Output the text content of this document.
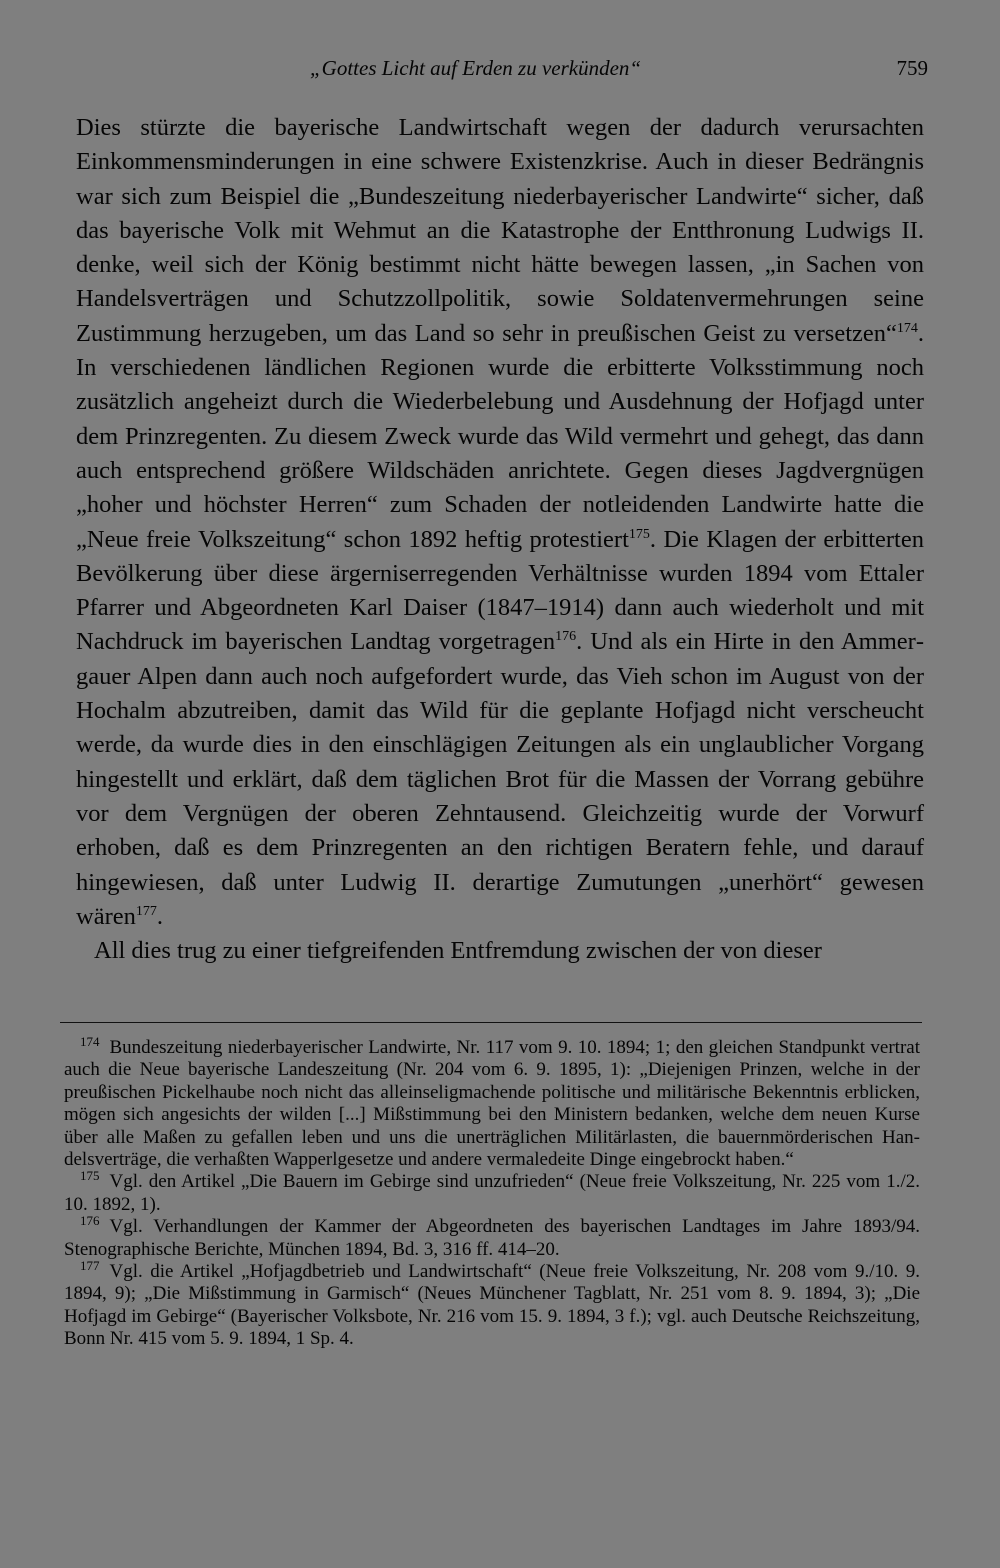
„Gottes Licht auf Erden zu verkünden“	759

Dies stürzte die bayerische Landwirtschaft wegen der dadurch verursachten Einkommensminderungen in eine schwere Existenzkrise. Auch in dieser Bedrängnis war sich zum Beispiel die „Bundeszeitung niederbayerischer Landwirte“ sicher, daß das bayerische Volk mit Wehmut an die Katastrophe der Entthronung Ludwigs II. denke, weil sich der König bestimmt nicht hätte bewegen lassen, „in Sachen von Handelsverträgen und Schutzzollpolitik, sowie Soldatenvermehrungen seine Zustimmung herzugeben, um das Land so sehr in preußischen Geist zu versetzen“$^{174}$. In verschiedenen ländlichen Regionen wurde die erbitterte Volksstimmung noch zusätzlich angeheizt durch die Wiederbelebung und Ausdehnung der Hofjagd unter dem Prinzregenten. Zu diesem Zweck wurde das Wild vermehrt und gehegt, das dann auch entsprechend größere Wildschäden anrichtete. Gegen dieses Jagdvergnügen „hoher und höchster Herren“ zum Schaden der notleidenden Landwirte hatte die „Neue freie Volkszeitung“ schon 1892 heftig protestiert$^{175}$. Die Klagen der erbitterten Bevölkerung über diese ärgerniserregenden Verhältnisse wurden 1894 vom Ettaler Pfarrer und Abgeordneten Karl Daiser (1847–1914) dann auch wiederholt und mit Nachdruck im bayerischen Landtag vorgetragen$^{176}$. Und als ein Hirte in den Ammergauer Alpen dann auch noch aufgefordert wurde, das Vieh schon im August von der Hochalm abzutreiben, damit das Wild für die geplante Hofjagd nicht verscheucht werde, da wurde dies in den einschlägigen Zeitungen als ein unglaublicher Vorgang hingestellt und erklärt, daß dem täglichen Brot für die Massen der Vorrang gebühre vor dem Vergnügen der oberen Zehntausend. Gleichzeitig wurde der Vorwurf erhoben, daß es dem Prinzregenten an den richtigen Beratern fehle, und darauf hingewiesen, daß unter Ludwig II. derartige Zumutungen „unerhört“ gewesen wären$^{177}$.

All dies trug zu einer tiefgreifenden Entfremdung zwischen der von dieser

$^{174}$ Bundeszeitung niederbayerischer Landwirte, Nr. 117 vom 9. 10. 1894; 1; den gleichen Standpunkt vertrat auch die Neue bayerische Landeszeitung (Nr. 204 vom 6. 9. 1895, 1): „Diejenigen Prinzen, welche in der preußischen Pickelhaube noch nicht das alleinseligmachende politische und militärische Bekenntnis erblicken, mögen sich angesichts der wilden [...] Mißstimmung bei den Ministern bedanken, welche dem neuen Kurse über alle Maßen zu gefallen leben und uns die unerträglichen Militärlasten, die bauernmörderischen Handelsverträge, die verhaßten Wapperlgesetze und andere vermaledeite Dinge eingebrockt haben.“

$^{175}$ Vgl. den Artikel „Die Bauern im Gebirge sind unzufrieden“ (Neue freie Volkszeitung, Nr. 225 vom 1./2. 10. 1892, 1).

$^{176}$ Vgl. Verhandlungen der Kammer der Abgeordneten des bayerischen Landtages im Jahre 1893/94. Stenographische Berichte, München 1894, Bd. 3, 316 ff. 414–20.

$^{177}$ Vgl. die Artikel „Hofjagdbetrieb und Landwirtschaft“ (Neue freie Volkszeitung, Nr. 208 vom 9./10. 9. 1894, 9); „Die Mißstimmung in Garmisch“ (Neues Münchener Tagblatt, Nr. 251 vom 8. 9. 1894, 3); „Die Hofjagd im Gebirge“ (Bayerischer Volksbote, Nr. 216 vom 15. 9. 1894, 3 f.); vgl. auch Deutsche Reichszeitung, Bonn Nr. 415 vom 5. 9. 1894, 1 Sp. 4.
